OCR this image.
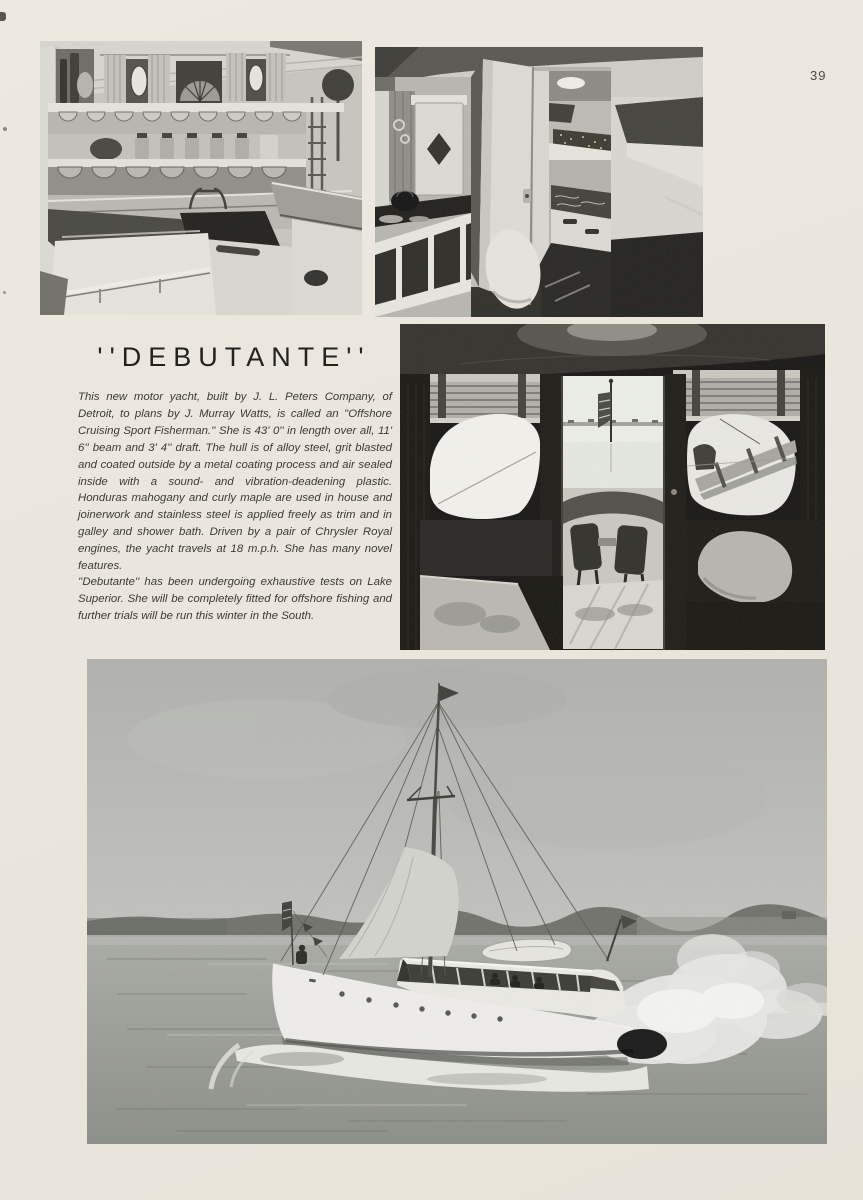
''DEBUTANTE''

This new motor yacht, built by J. L. Peters Company, of Detroit, to plans by J. Murray Watts, is called an ''Offshore Cruising Sport Fisherman.'' She is 43' 0'' in length over all, 11' 6'' beam and 3' 4'' draft. The hull is of alloy steel, grit blasted and coated outside by a metal coating process and air sealed inside with a sound- and vibration-deadening plastic. Honduras mahogany and curly maple are used in house and joinerwork and stainless steel is applied freely as trim and in galley and shower bath. Driven by a pair of Chrysler Royal engines, the yacht travels at 18 m.p.h. She has many novel features.

''Debutante'' has been undergoing exhaustive tests on Lake Superior. She will be completely fitted for offshore fishing and further trials will be run this winter in the South.

39
